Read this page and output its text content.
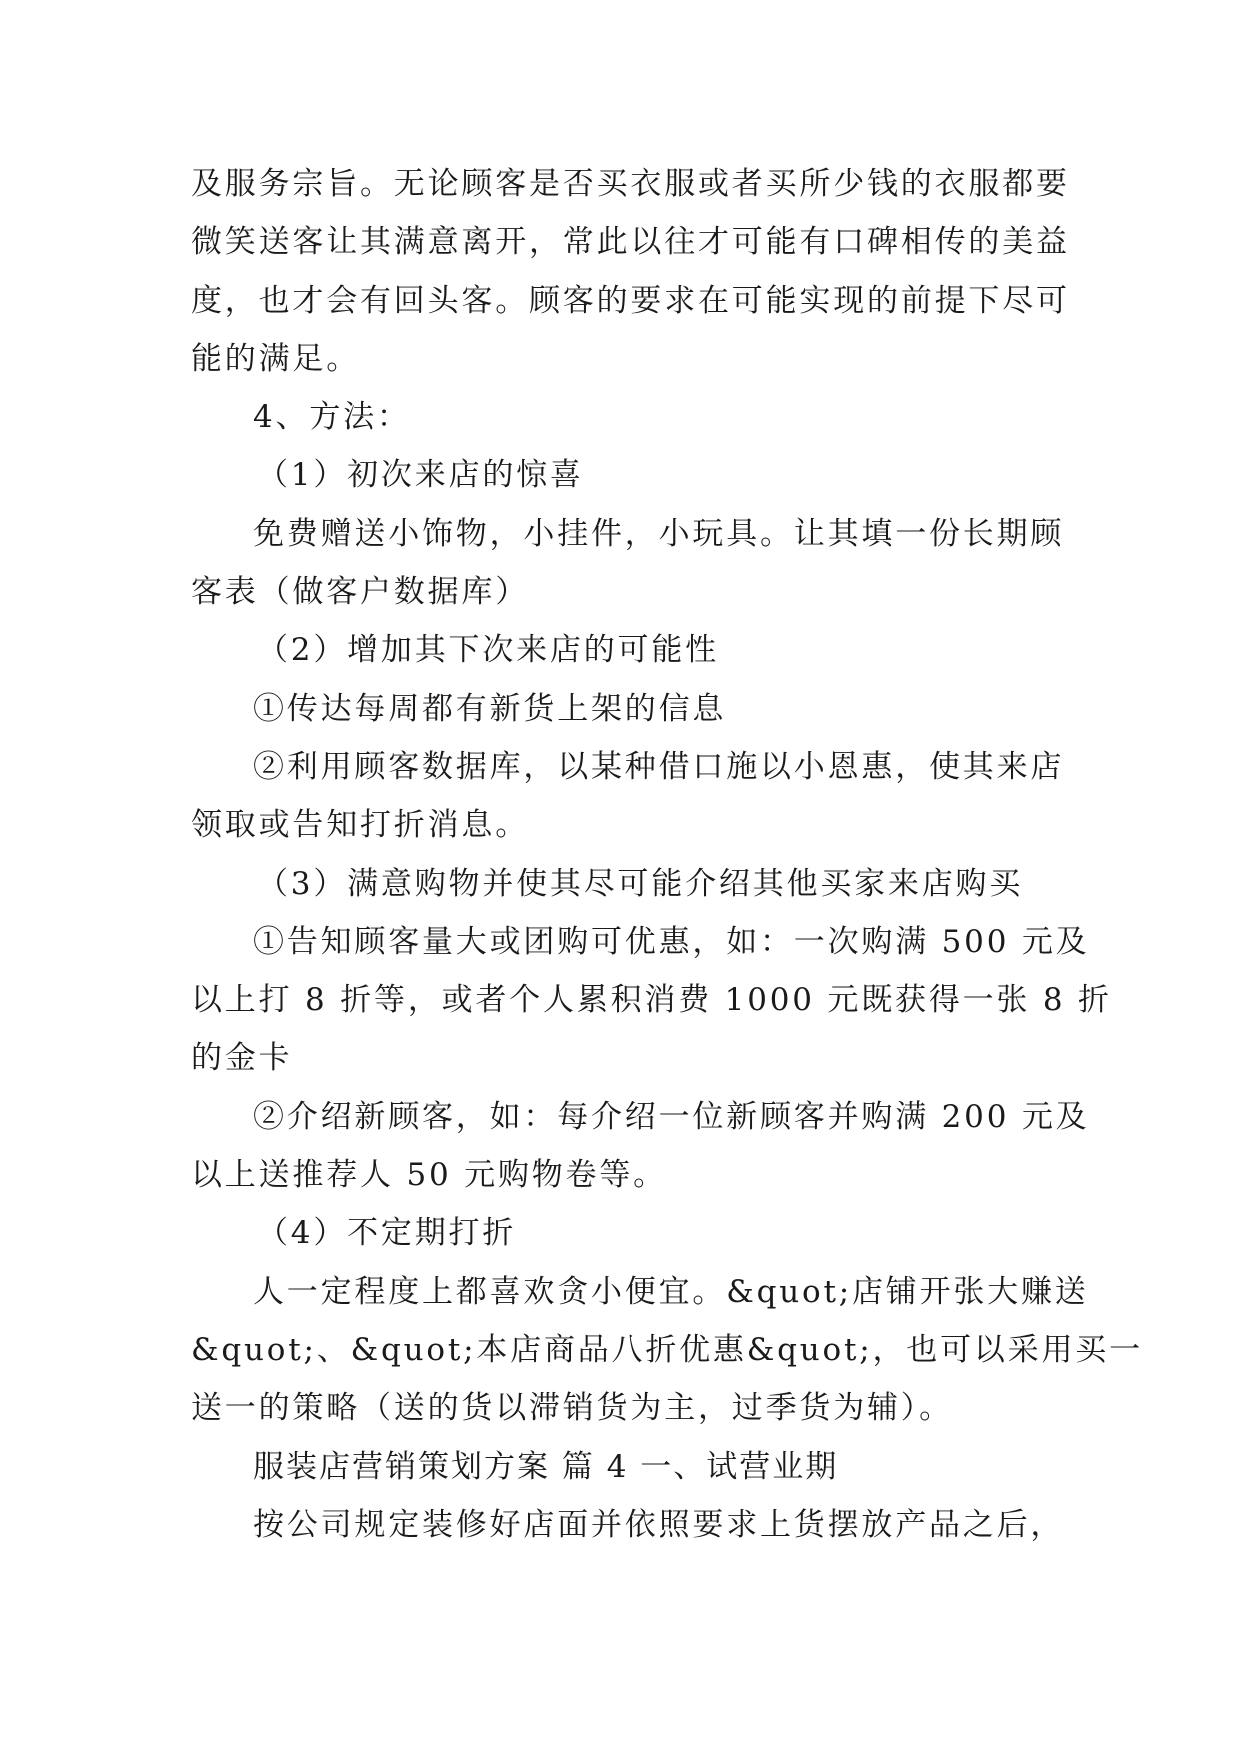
及服务宗旨。无论顾客是否买衣服或者买所少钱的衣服都要
微笑送客让其满意离开，常此以往才可能有口碑相传的美益
度，也才会有回头客。顾客的要求在可能实现的前提下尽可
能的满足。
4、方法：
（1）初次来店的惊喜
免费赠送小饰物，小挂件，小玩具。让其填一份长期顾
客表（做客户数据库）
（2）增加其下次来店的可能性
①传达每周都有新货上架的信息
②利用顾客数据库，以某种借口施以小恩惠，使其来店
领取或告知打折消息。
（3）满意购物并使其尽可能介绍其他买家来店购买
①告知顾客量大或团购可优惠，如：一次购满 500 元及
以上打 8 折等，或者个人累积消费 1000 元既获得一张 8 折
的金卡
②介绍新顾客，如：每介绍一位新顾客并购满 200 元及
以上送推荐人 50 元购物卷等。
（4）不定期打折
人一定程度上都喜欢贪小便宜。&quot;店铺开张大赚送
&quot;、&quot;本店商品八折优惠&quot;，也可以采用买一
送一的策略（送的货以滞销货为主，过季货为辅）。
服装店营销策划方案 篇 4 一、试营业期
按公司规定装修好店面并依照要求上货摆放产品之后，
